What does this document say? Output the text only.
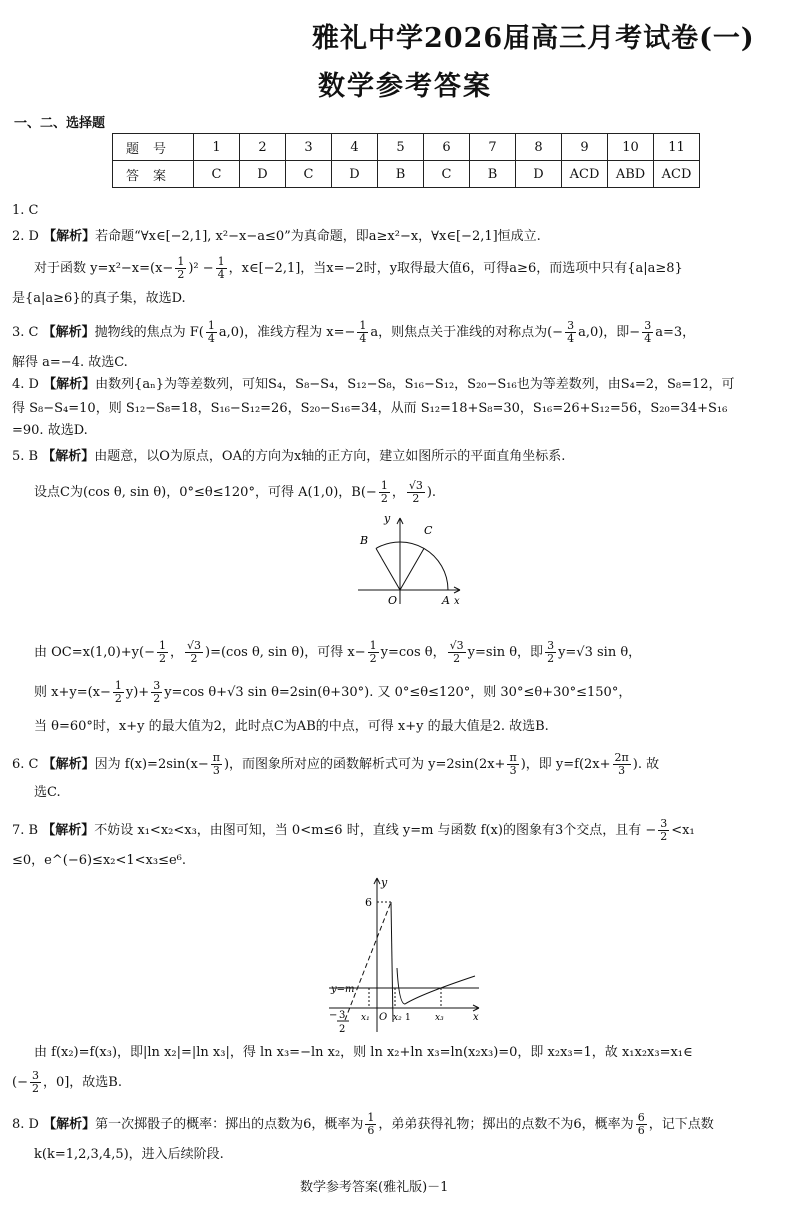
雅礼中学2026届高三月考试卷(一)
数学参考答案
一、二、选择题
题号	1	2	3	4	5	6	7	8	9	10	11
答案	C	D	C	D	B	C	B	D	ACD	ABD	ACD
1. C
2. D 【解析】若命题“∀x∈[−2,1], x²−x−a≤0”为真命题，即a≥x²−x，∀x∈[−2,1]恒成立.
对于函数 $y=x^2-x=(x- \frac{1}{2} )^2 - \frac{1}{4}$ ，x∈[−2,1]，当x=−2时，y取得最大值6，可得a≥6，而选项中只有{a|a≥8}
是{a|a≥6}的真子集，故选D.
3. C 【解析】抛物线的焦点为 $F( \frac{1}{4} a,0)$，准线方程为 $x=- \frac{1}{4}$ a，则焦点关于准线的对称点为(− $\frac{3}{4} a,0$)，即− $\frac{3}{4} a=3$，
解得 a=−4. 故选C.
4. D 【解析】由数列{aₙ}为等差数列，可知S₄，S₈−S₄，S₁₂−S₈，S₁₆−S₁₂，S₂₀−S₁₆也为等差数列，由S₄=2，S₈=12，可
得 S₈−S₄=10，则 S₁₂−S₈=18，S₁₆−S₁₂=26，S₂₀−S₁₆=34，从而 S₁₂=18+S₈=30，S₁₆=26+S₁₂=56，S₂₀=34+S₁₆
=90. 故选D.
5. B 【解析】由题意，以O为原点，OA的方向为x轴的正方向，建立如图所示的平面直角坐标系.
设点C为(cos θ, sin θ)，0°≤θ≤120°，可得 A(1,0)，$B(- \frac{1}{2}$ ， $\frac{√3}{2}$ ).
B
C
y
O	A x
由 $OC=x(1,0)+y(- \frac{1}{2}$ ， $\frac{√3}{2} )=(\cos$ θ, sin θ)，可得 $x- \frac{1}{2} y=\cos$ θ， $\frac{√3}{2} y=\sin$ θ，即 $\frac{3}{2} y=√3$ sin θ，
则 $x+y=(x- \frac{1}{2} y)+ \frac{3}{2} y=\cos$ θ+√3 sin θ=2sin(θ+30°). 又 0°≤θ≤120°，则 30°≤θ+30°≤150°，
当 θ=60°时，x+y 的最大值为2，此时点C为AB的中点，可得 x+y 的最大值是2. 故选B.
6. C 【解析】因为 $f(x)=2\sin(x- \frac{\pi}{3}$ )，而图象所对应的函数解析式可为 $y=2\sin(2x+ \frac{\pi}{3}$ )，即 $y=f(2x+ \frac{2\pi}{3}$ ). 故
选C.
7. B 【解析】不妨设 x₁<x₂<x₃，由图可知，当 0<m≤6 时，直线 y=m 与函数 f(x)的图象有3个交点，且有 − $\frac{3}{2} <x_1$
≤0，e^(−6)≤x₂<1<x₃≤e⁶.
y
6
y=m
− 3
2
x₁ O x₂ 1	x₃	x
由 f(x₂)=f(x₃)，即|ln x₂|=|ln x₃|，得 ln x₃=−ln x₂，则 ln x₂+ln x₃=ln(x₂x₃)=0，即 x₂x₃=1，故 x₁x₂x₃=x₁∈
(− $\frac{3}{2}$ ，0]，故选B.
8. D 【解析】第一次掷骰子的概率：掷出的点数为6，概率为 $\frac{1}{6}$ ，弟弟获得礼物；掷出的点数不为6，概率为 $\frac{6}{6}$ ，记下点数
k(k=1,2,3,4,5)，进入后续阶段.
数学参考答案(雅礼版)－1
